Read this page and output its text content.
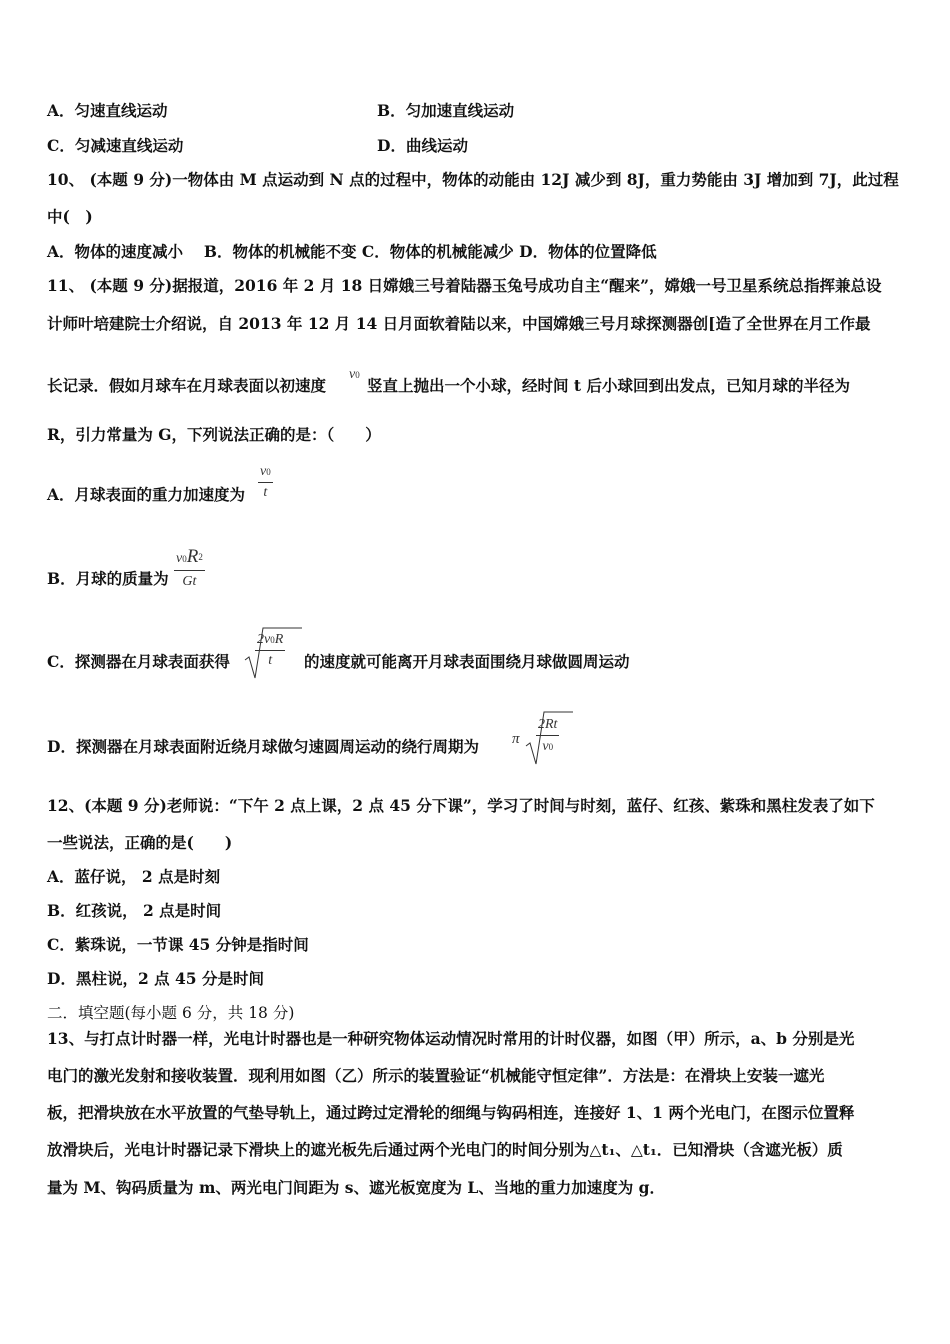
A．匀速直线运动	B．匀加速直线运动
C．匀减速直线运动	D．曲线运动
10、 (本题 9 分)一物体由 M 点运动到 N 点的过程中，物体的动能由 12J 减少到 8J，重力势能由 3J 增加到 7J，此过程
中(　)
A．物体的速度减小　 B．物体的机械能不变 C．物体的机械能减少 D．物体的位置降低
11、 (本题 9 分)据报道，2016 年 2 月 18 日嫦娥三号着陆器玉兔号成功自主“醒来”，嫦娥一号卫星系统总指挥兼总设
计师叶培建院士介绍说，自 2013 年 12 月 14 日月面软着陆以来，中国嫦娥三号月球探测器创[造了全世界在月工作最
长记录．假如月球车在月球表面以初速度
v0
竖直上抛出一个小球，经时间 t 后小球回到出发点，已知月球的半径为
R，引力常量为 G，下列说法正确的是：（　　）
A．月球表面的重力加速度为 $\frac{v0}{t}$
B．月球的质量为 $\frac{v0R^2}{Gt}$
C．探测器在月球表面获得 $\frac{2v0R}{t}$ 的速度就可能离开月球表面围绕月球做圆周运动
D．探测器在月球表面附近绕月球做匀速圆周运动的绕行周期为 π $\frac{2Rt}{v0}$
12、(本题 9 分)老师说：“下午 2 点上课，2 点 45 分下课”，学习了时间与时刻，蓝仔、红孩、紫珠和黑柱发表了如下
一些说法，正确的是(　　)
A．蓝仔说， 2 点是时刻
B．红孩说， 2 点是时间
C．紫珠说，一节课 45 分钟是指时间
D．黑柱说，2 点 45 分是时间
二．填空题(每小题 6 分，共 18 分)
13、与打点计时器一样，光电计时器也是一种研究物体运动情况时常用的计时仪器，如图（甲）所示，a、b 分别是光
电门的激光发射和接收装置．现利用如图（乙）所示的装置验证“机械能守恒定律”．方法是：在滑块上安装一遮光
板，把滑块放在水平放置的气垫导轨上，通过跨过定滑轮的细绳与钩码相连，连接好 1、1 两个光电门，在图示位置释
放滑块后，光电计时器记录下滑块上的遮光板先后通过两个光电门的时间分别为△t₁、△t₁．已知滑块（含遮光板）质
量为 M、钩码质量为 m、两光电门间距为 s、遮光板宽度为 L、当地的重力加速度为 g．
